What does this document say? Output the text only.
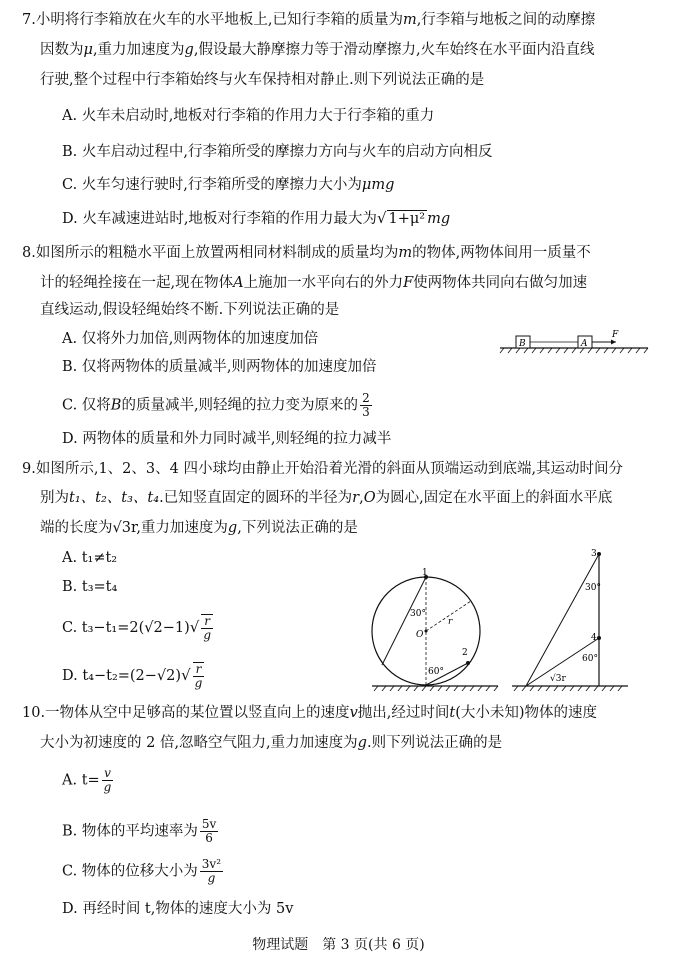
7.小明将行李箱放在火车的水平地板上,已知行李箱的质量为m,行李箱与地板之间的动摩擦
因数为μ,重力加速度为g,假设最大静摩擦力等于滑动摩擦力,火车始终在水平面内沿直线
行驶,整个过程中行李箱始终与火车保持相对静止.则下列说法正确的是
A. 火车未启动时,地板对行李箱的作用力大于行李箱的重力
B. 火车启动过程中,行李箱所受的摩擦力方向与火车的启动方向相反
C. 火车匀速行驶时,行李箱所受的摩擦力大小为μmg
D. 火车减速进站时,地板对行李箱的作用力最大为√ 1+μ² mg
8.如图所示的粗糙水平面上放置两相同材料制成的质量均为m的物体,两物体间用一质量不
计的轻绳拴接在一起,现在物体A上施加一水平向右的外力F使两物体共同向右做匀加速
直线运动,假设轻绳始终不断.下列说法正确的是
A. 仅将外力加倍,则两物体的加速度加倍
B. 仅将两物体的质量减半,则两物体的加速度加倍
C. 仅将B的质量减半,则轻绳的拉力变为原来的 $\frac{2}{3}$
D. 两物体的质量和外力同时减半,则轻绳的拉力减半
B	A
F
9.如图所示,1、2、3、4 四小球均由静止开始沿着光滑的斜面从顶端运动到底端,其运动时间分
别为t₁、t₂、t₃、t₄.已知竖直固定的圆环的半径为r,O为圆心,固定在水平面上的斜面水平底
端的长度为√3r,重力加速度为g,下列说法正确的是
A. t₁≠t₂
B. t₃=t₄
C. $t_3-t_1=2(√2-1)√ \frac{r}{g}$
D. $t_4-t_2=(2-√2)√ \frac{r}{g}$
1
2
O
r
30°
60°
3
4
30°
60°
√3r
10.一物体从空中足够高的某位置以竖直向上的速度v抛出,经过时间t(大小未知)物体的速度
大小为初速度的 2 倍,忽略空气阻力,重力加速度为g.则下列说法正确的是
A. $t= \frac{v}{g}$
B. 物体的平均速率为 $\frac{5v}{6}$
C. 物体的位移大小为 $\frac{\text{3v²}}{g}$
D. 再经时间 t,物体的速度大小为 5v
物理试题　第 3 页(共 6 页)
